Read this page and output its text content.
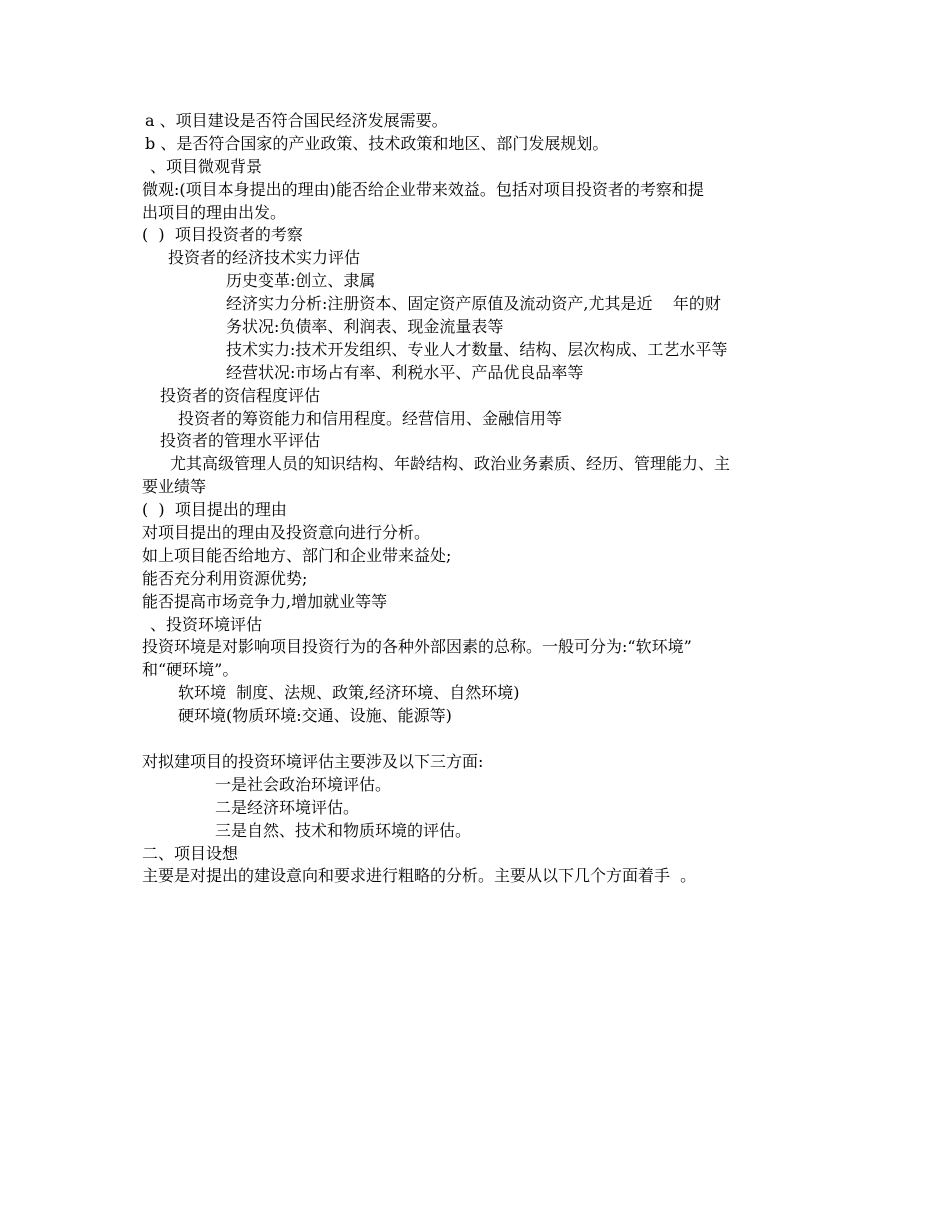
a 、项目建设是否符合国民经济发展需要。
b 、是否符合国家的产业政策、技术政策和地区、部门发展规划。
、项目微观背景
微观:(项目本身提出的理由)能否给企业带来效益。包括对项目投资者的考察和提
出项目的理由出发。
(  )  项目投资者的考察
投资者的经济技术实力评估
历史变革:创立、隶属
经济实力分析:注册资本、固定资产原值及流动资产,尤其是近    年的财
务状况:负债率、利润表、现金流量表等
技术实力:技术开发组织、专业人才数量、结构、层次构成、工艺水平等
经营状况:市场占有率、利税水平、产品优良品率等
投资者的资信程度评估
投资者的筹资能力和信用程度。经营信用、金融信用等
投资者的管理水平评估
尤其高级管理人员的知识结构、年龄结构、政治业务素质、经历、管理能力、主
要业绩等
(  )  项目提出的理由
对项目提出的理由及投资意向进行分析。
如上项目能否给地方、部门和企业带来益处;
能否充分利用资源优势;
能否提高市场竞争力,增加就业等等
、投资环境评估
投资环境是对影响项目投资行为的各种外部因素的总称。一般可分为:“软环境”
和“硬环境”。
软环境  制度、法规、政策,经济环境、自然环境)
硬环境(物质环境:交通、设施、能源等)
对拟建项目的投资环境评估主要涉及以下三方面:
一是社会政治环境评估。
二是经济环境评估。
三是自然、技术和物质环境的评估。
二、项目设想
主要是对提出的建设意向和要求进行粗略的分析。主要从以下几个方面着手  。
